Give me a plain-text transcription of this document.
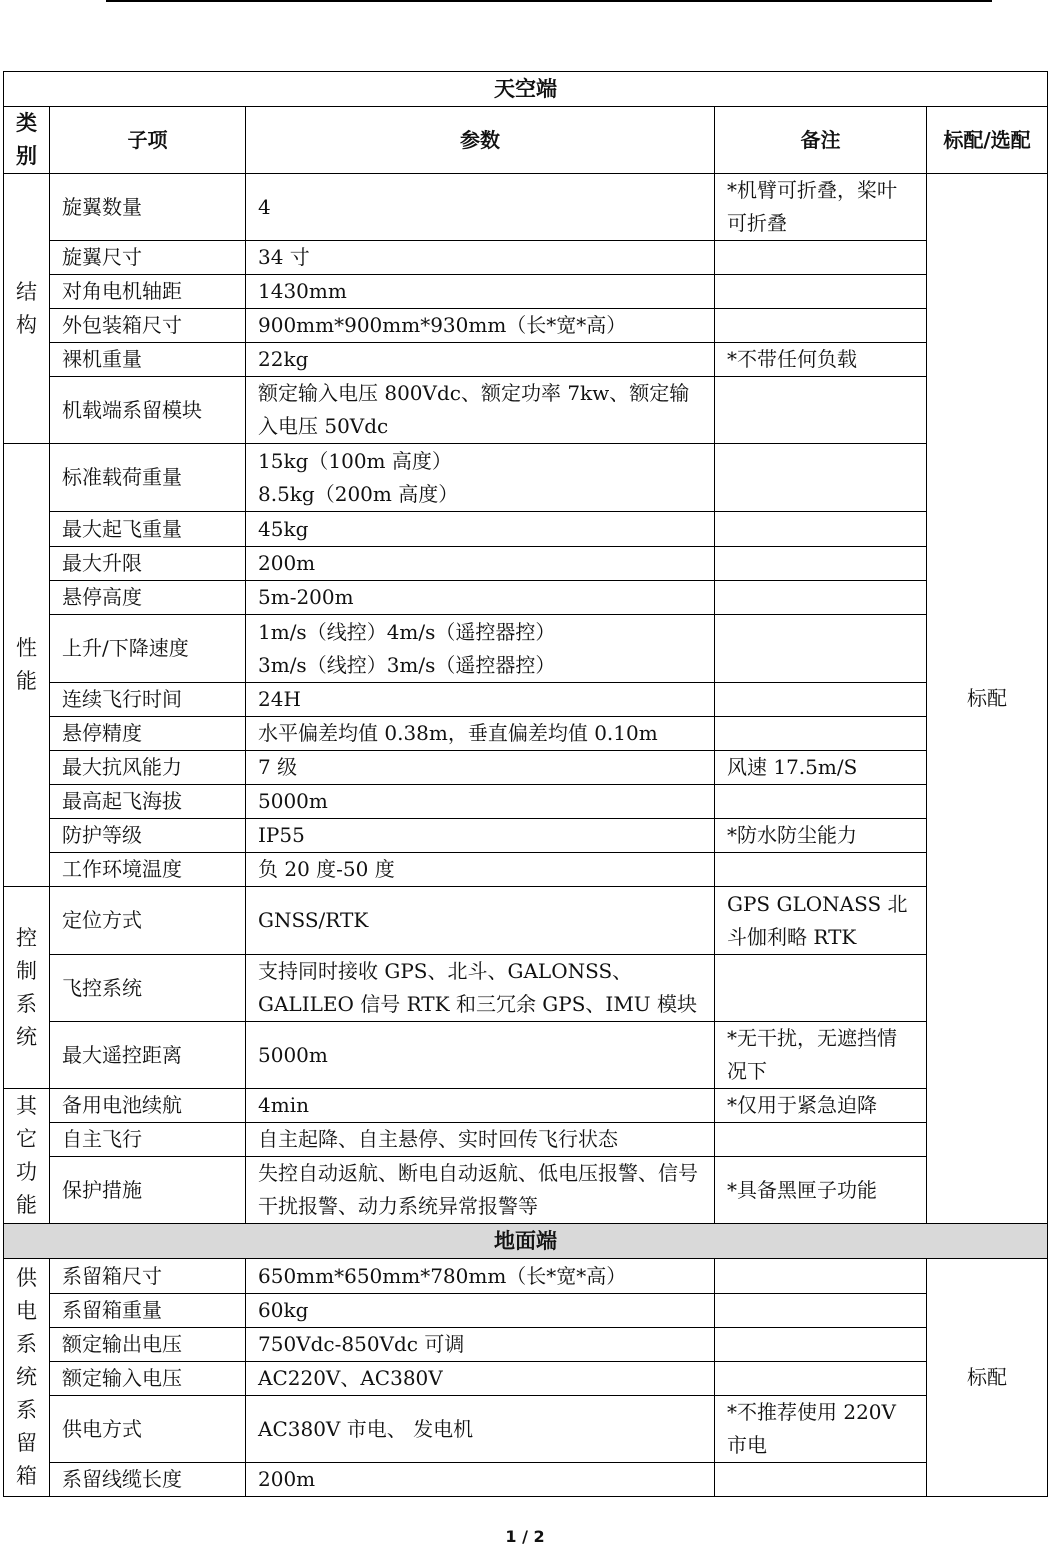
天空端				
类别	子项	参数	备注	标配/选配
结构	旋翼数量	4	*机臂可折叠，桨叶可折叠	标配
	旋翼尺寸	34 寸		
	对角电机轴距	1430mm		
	外包装箱尺寸	900mm*900mm*930mm（长*宽*高）		
	裸机重量	22kg	*不带任何负载	
	机载端系留模块	额定输入电压 800Vdc、额定功率 7kw、额定输入电压 50Vdc		
性能	标准载荷重量	15kg（100m 高度）
8.5kg（200m 高度）		

	最大起飞重量	45kg		
	最大升限	200m		
	悬停高度	5m-200m		
	上升/下降速度	1m/s（线控）4m/s（遥控器控）
3m/s（线控）3m/s（遥控器控）		

	连续飞行时间	24H		
	悬停精度	水平偏差均值 0.38m，垂直偏差均值 0.10m		
	最大抗风能力	7 级	风速 17.5m/S	
	最高起飞海拔	5000m		
	防护等级	IP55	*防水防尘能力	
	工作环境温度	负 20 度-50 度		
控制系统	定位方式	GNSS/RTK	GPS GLONASS 北斗伽利略 RTK	
	飞控系统	支持同时接收 GPS、北斗、GALONSS、GALILEO 信号 RTK 和三冗余 GPS、IMU 模块		
	最大遥控距离	5000m	*无干扰，无遮挡情况下	
其它功能	备用电池续航	4min	*仅用于紧急迫降	
	自主飞行	自主起降、自主悬停、实时回传飞行状态		
	保护措施	失控自动返航、断电自动返航、低电压报警、信号干扰报警、动力系统异常报警等	*具备黑匣子功能	
地面端				
供电系统系留箱	系留箱尺寸	650mm*650mm*780mm（长*宽*高）		标配
	系留箱重量	60kg		
	额定输出电压	750Vdc-850Vdc 可调		
	额定输入电压	AC220V、AC380V		
	供电方式	AC380V 市电、 发电机	*不推荐使用 220V 市电	
	系留线缆长度	200m		
1 / 2
